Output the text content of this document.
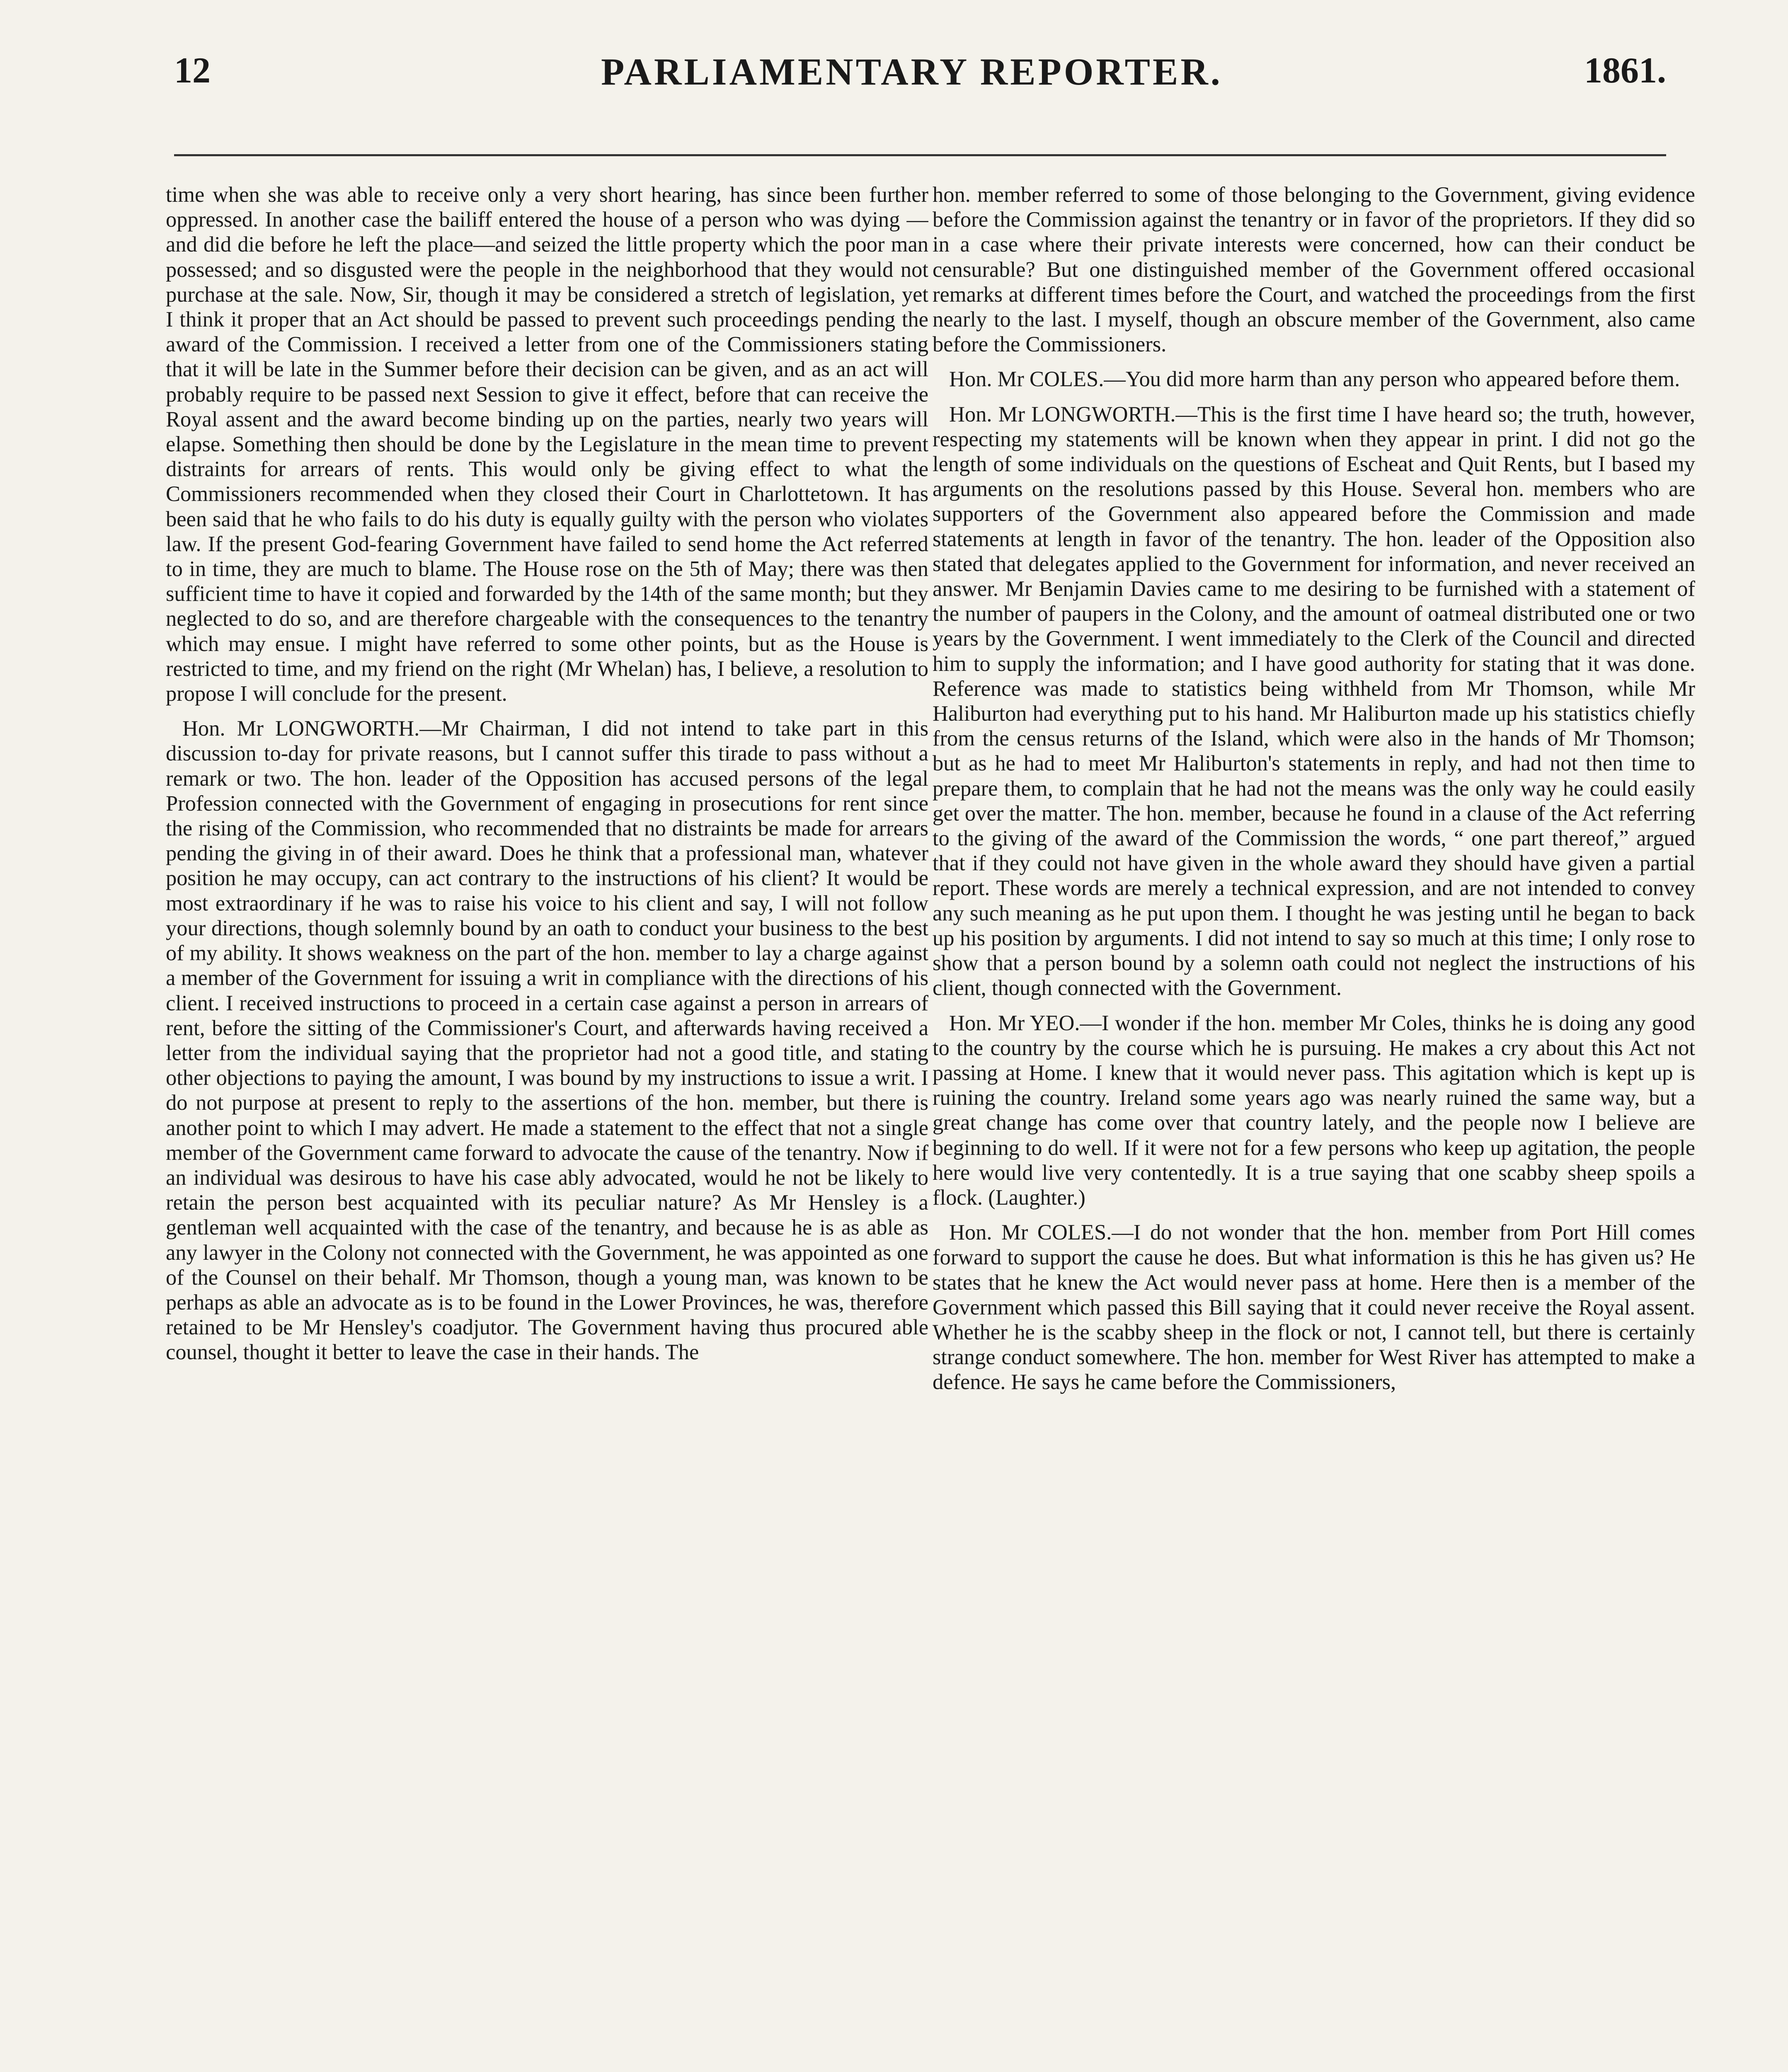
12	PARLIAMENTARY REPORTER.	1861.

time when she was able to receive only a very short hearing, has since been further oppressed. In another case the bailiff entered the house of a person who was dying —and did die before he left the place—and seized the little property which the poor man possessed; and so disgusted were the people in the neighborhood that they would not purchase at the sale. Now, Sir, though it may be considered a stretch of legislation, yet I think it proper that an Act should be passed to prevent such proceedings pending the award of the Commission. I received a letter from one of the Commissioners stating that it will be late in the Summer before their decision can be given, and as an act will probably require to be passed next Session to give it effect, before that can receive the Royal assent and the award become binding up on the parties, nearly two years will elapse. Something then should be done by the Legislature in the mean time to prevent distraints for arrears of rents. This would only be giving effect to what the Commissioners recommended when they closed their Court in Charlottetown. It has been said that he who fails to do his duty is equally guilty with the person who violates law. If the present God-fearing Government have failed to send home the Act referred to in time, they are much to blame. The House rose on the 5th of May; there was then sufficient time to have it copied and forwarded by the 14th of the same month; but they neglected to do so, and are therefore chargeable with the consequences to the tenantry which may ensue. I might have referred to some other points, but as the House is restricted to time, and my friend on the right (Mr Whelan) has, I believe, a resolution to propose I will conclude for the present.

Hon. Mr LONGWORTH.—Mr Chairman, I did not intend to take part in this discussion to-day for private reasons, but I cannot suffer this tirade to pass without a remark or two. The hon. leader of the Opposition has accused persons of the legal Profession connected with the Government of engaging in prosecutions for rent since the rising of the Commission, who recommended that no distraints be made for arrears pending the giving in of their award. Does he think that a professional man, whatever position he may occupy, can act contrary to the instructions of his client? It would be most extraordinary if he was to raise his voice to his client and say, I will not follow your directions, though solemnly bound by an oath to conduct your business to the best of my ability. It shows weakness on the part of the hon. member to lay a charge against a member of the Government for issuing a writ in compliance with the directions of his client. I received instructions to proceed in a certain case against a person in arrears of rent, before the sitting of the Commissioner's Court, and afterwards having received a letter from the individual saying that the proprietor had not a good title, and stating other objections to paying the amount, I was bound by my instructions to issue a writ. I do not purpose at present to reply to the assertions of the hon. member, but there is another point to which I may advert. He made a statement to the effect that not a single member of the Government came forward to advocate the cause of the tenantry. Now if an individual was desirous to have his case ably advocated, would he not be likely to retain the person best acquainted with its peculiar nature? As Mr Hensley is a gentleman well acquainted with the case of the tenantry, and because he is as able as any lawyer in the Colony not connected with the Government, he was appointed as one of the Counsel on their behalf. Mr Thomson, though a young man, was known to be perhaps as able an advocate as is to be found in the Lower Provinces, he was, therefore retained to be Mr Hensley's coadjutor. The Government having thus procured able counsel, thought it better to leave the case in their hands. The

hon. member referred to some of those belonging to the Government, giving evidence before the Commission against the tenantry or in favor of the proprietors. If they did so in a case where their private interests were concerned, how can their conduct be censurable? But one distinguished member of the Government offered occasional remarks at different times before the Court, and watched the proceedings from the first nearly to the last. I myself, though an obscure member of the Government, also came before the Commissioners.

Hon. Mr COLES.—You did more harm than any person who appeared before them.

Hon. Mr LONGWORTH.—This is the first time I have heard so; the truth, however, respecting my statements will be known when they appear in print. I did not go the length of some individuals on the questions of Escheat and Quit Rents, but I based my arguments on the resolutions passed by this House. Several hon. members who are supporters of the Government also appeared before the Commission and made statements at length in favor of the tenantry. The hon. leader of the Opposition also stated that delegates applied to the Government for information, and never received an answer. Mr Benjamin Davies came to me desiring to be furnished with a statement of the number of paupers in the Colony, and the amount of oatmeal distributed one or two years by the Government. I went immediately to the Clerk of the Council and directed him to supply the information; and I have good authority for stating that it was done. Reference was made to statistics being withheld from Mr Thomson, while Mr Haliburton had everything put to his hand. Mr Haliburton made up his statistics chiefly from the census returns of the Island, which were also in the hands of Mr Thomson; but as he had to meet Mr Haliburton's statements in reply, and had not then time to prepare them, to complain that he had not the means was the only way he could easily get over the matter. The hon. member, because he found in a clause of the Act referring to the giving of the award of the Commission the words, “ one part thereof,” argued that if they could not have given in the whole award they should have given a partial report. These words are merely a technical expression, and are not intended to convey any such meaning as he put upon them. I thought he was jesting until he began to back up his position by arguments. I did not intend to say so much at this time; I only rose to show that a person bound by a solemn oath could not neglect the instructions of his client, though connected with the Government.

Hon. Mr YEO.—I wonder if the hon. member Mr Coles, thinks he is doing any good to the country by the course which he is pursuing. He makes a cry about this Act not passing at Home. I knew that it would never pass. This agitation which is kept up is ruining the country. Ireland some years ago was nearly ruined the same way, but a great change has come over that country lately, and the people now I believe are beginning to do well. If it were not for a few persons who keep up agitation, the people here would live very contentedly. It is a true saying that one scabby sheep spoils a flock. (Laughter.)

Hon. Mr COLES.—I do not wonder that the hon. member from Port Hill comes forward to support the cause he does. But what information is this he has given us? He states that he knew the Act would never pass at home. Here then is a member of the Government which passed this Bill saying that it could never receive the Royal assent. Whether he is the scabby sheep in the flock or not, I cannot tell, but there is certainly strange conduct somewhere. The hon. member for West River has attempted to make a defence. He says he came before the Commissioners,
